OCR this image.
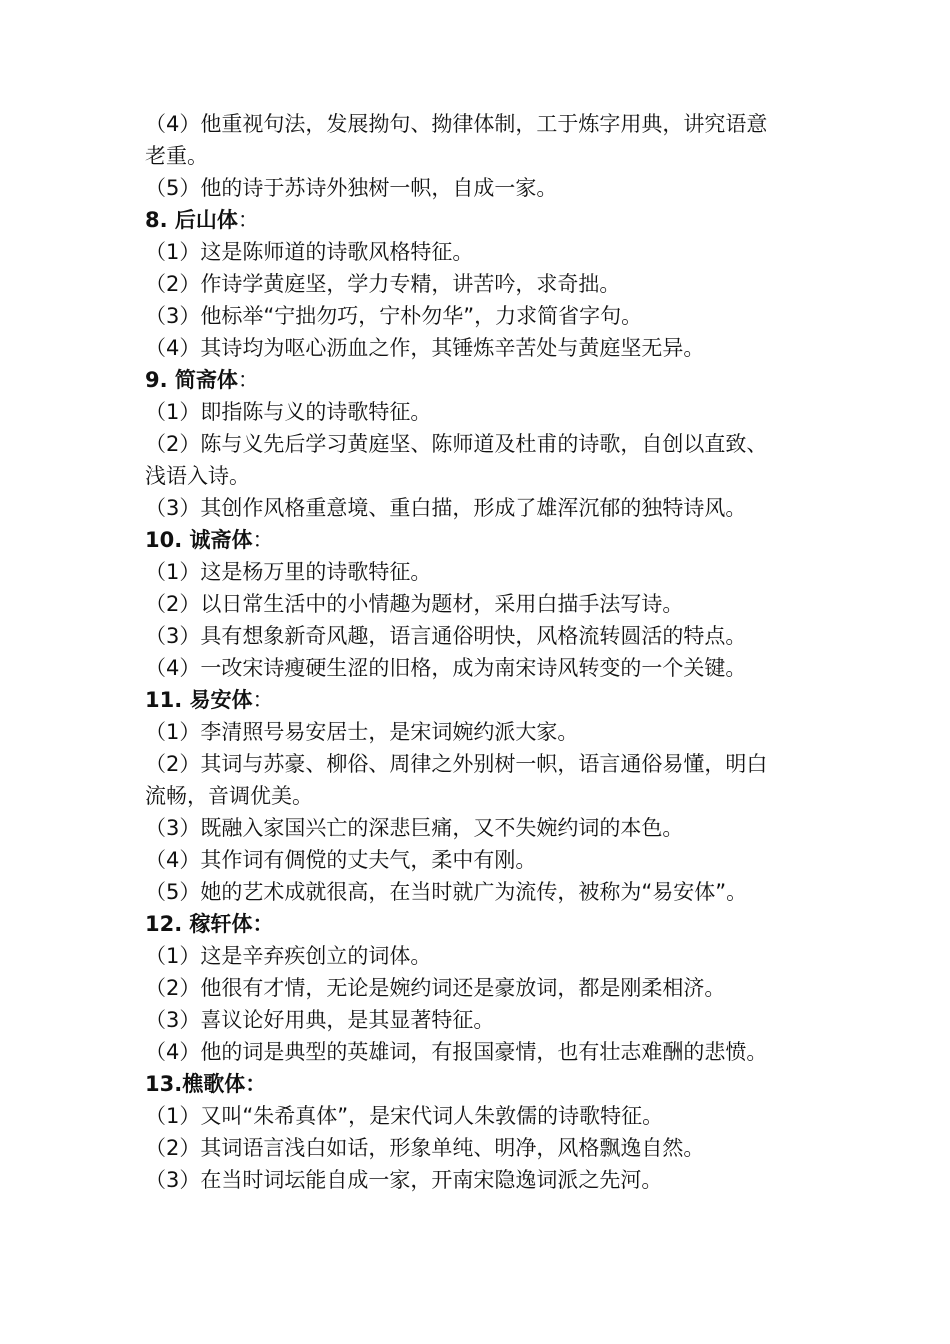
（4）他重视句法，发展拗句、拗律体制，工于炼字用典，讲究语意
老重。
（5）他的诗于苏诗外独树一帜，自成一家。
8. 后山体：
（1）这是陈师道的诗歌风格特征。
（2）作诗学黄庭坚，学力专精，讲苦吟，求奇拙。
（3）他标举“宁拙勿巧，宁朴勿华”，力求简省字句。
（4）其诗均为呕心沥血之作，其锤炼辛苦处与黄庭坚无异。
9. 简斋体：
（1）即指陈与义的诗歌特征。
（2）陈与义先后学习黄庭坚、陈师道及杜甫的诗歌，自创以直致、
浅语入诗。
（3）其创作风格重意境、重白描，形成了雄浑沉郁的独特诗风。
10. 诚斋体：
（1）这是杨万里的诗歌特征。
（2）以日常生活中的小情趣为题材，采用白描手法写诗。
（3）具有想象新奇风趣，语言通俗明快，风格流转圆活的特点。
（4）一改宋诗瘦硬生涩的旧格，成为南宋诗风转变的一个关键。
11. 易安体：
（1）李清照号易安居士，是宋词婉约派大家。
（2）其词与苏豪、柳俗、周律之外别树一帜，语言通俗易懂，明白
流畅，音调优美。
（3）既融入家国兴亡的深悲巨痛，又不失婉约词的本色。
（4）其作词有倜傥的丈夫气，柔中有刚。
（5）她的艺术成就很高，在当时就广为流传，被称为“易安体”。
12. 稼轩体：
（1）这是辛弃疾创立的词体。
（2）他很有才情，无论是婉约词还是豪放词，都是刚柔相济。
（3）喜议论好用典，是其显著特征。
（4）他的词是典型的英雄词，有报国豪情，也有壮志难酬的悲愤。
13.樵歌体：
（1）又叫“朱希真体”，是宋代词人朱敦儒的诗歌特征。
（2）其词语言浅白如话，形象单纯、明净，风格飘逸自然。
（3）在当时词坛能自成一家，开南宋隐逸词派之先河。
